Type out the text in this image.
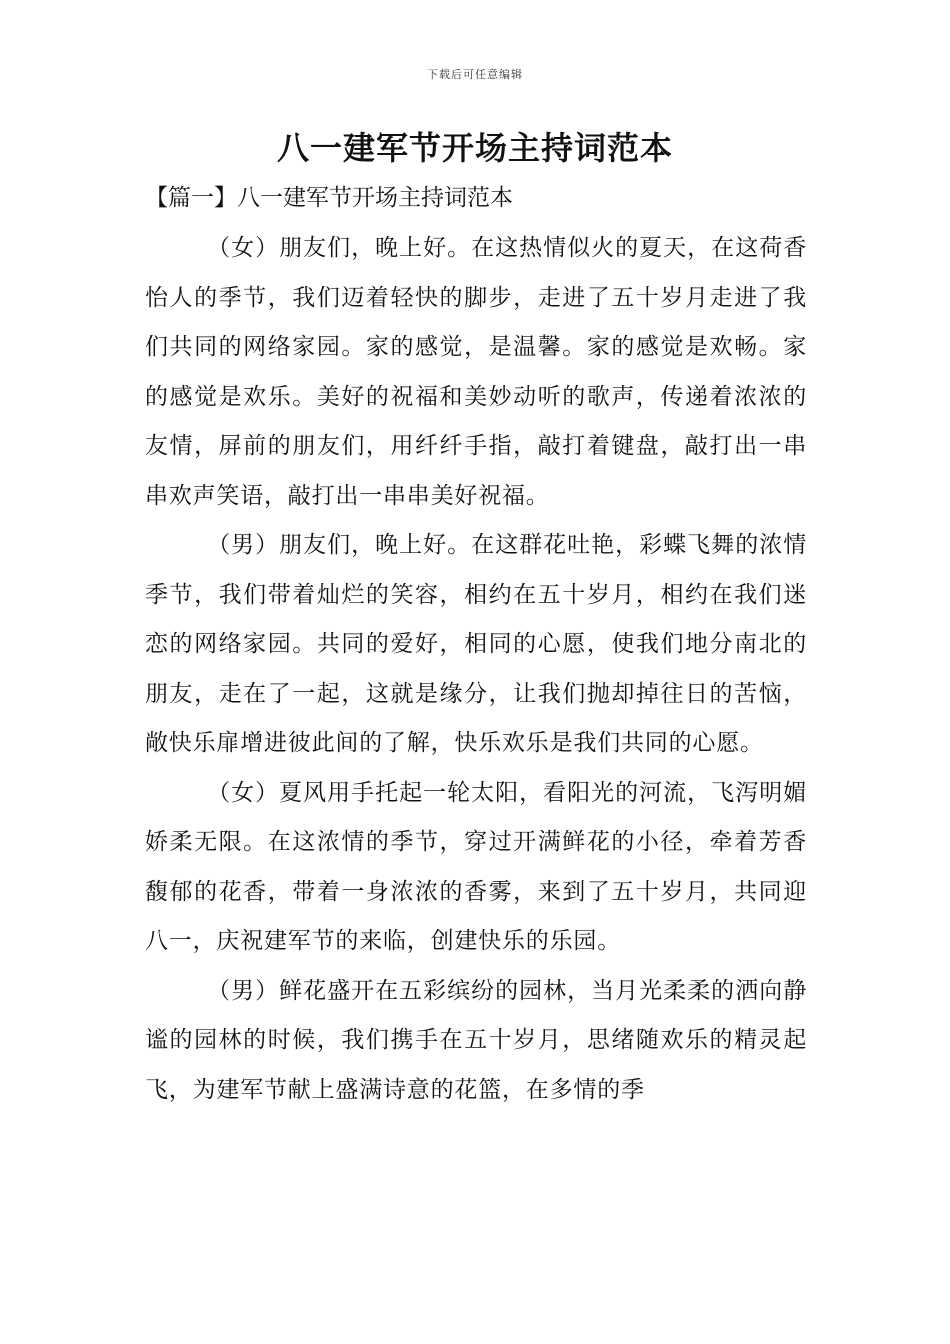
下载后可任意编辑
八一建军节开场主持词范本
【篇一】八一建军节开场主持词范本

（女）朋友们，晚上好。在这热情似火的夏天，在这荷香怡人的季节，我们迈着轻快的脚步，走进了五十岁月走进了我们共同的网络家园。家的感觉，是温馨。家的感觉是欢畅。家的感觉是欢乐。美好的祝福和美妙动听的歌声，传递着浓浓的友情，屏前的朋友们，用纤纤手指，敲打着键盘，敲打出一串串欢声笑语，敲打出一串串美好祝福。

（男）朋友们，晚上好。在这群花吐艳，彩蝶飞舞的浓情季节，我们带着灿烂的笑容，相约在五十岁月，相约在我们迷恋的网络家园。共同的爱好，相同的心愿，使我们地分南北的朋友，走在了一起，这就是缘分，让我们抛却掉往日的苦恼，敞快乐扉增进彼此间的了解，快乐欢乐是我们共同的心愿。

（女）夏风用手托起一轮太阳，看阳光的河流，飞泻明媚娇柔无限。在这浓情的季节，穿过开满鲜花的小径，牵着芳香馥郁的花香，带着一身浓浓的香雾，来到了五十岁月，共同迎八一，庆祝建军节的来临，创建快乐的乐园。

（男）鲜花盛开在五彩缤纷的园林，当月光柔柔的洒向静谧的园林的时候，我们携手在五十岁月，思绪随欢乐的精灵起飞，为建军节献上盛满诗意的花篮，在多情的季
